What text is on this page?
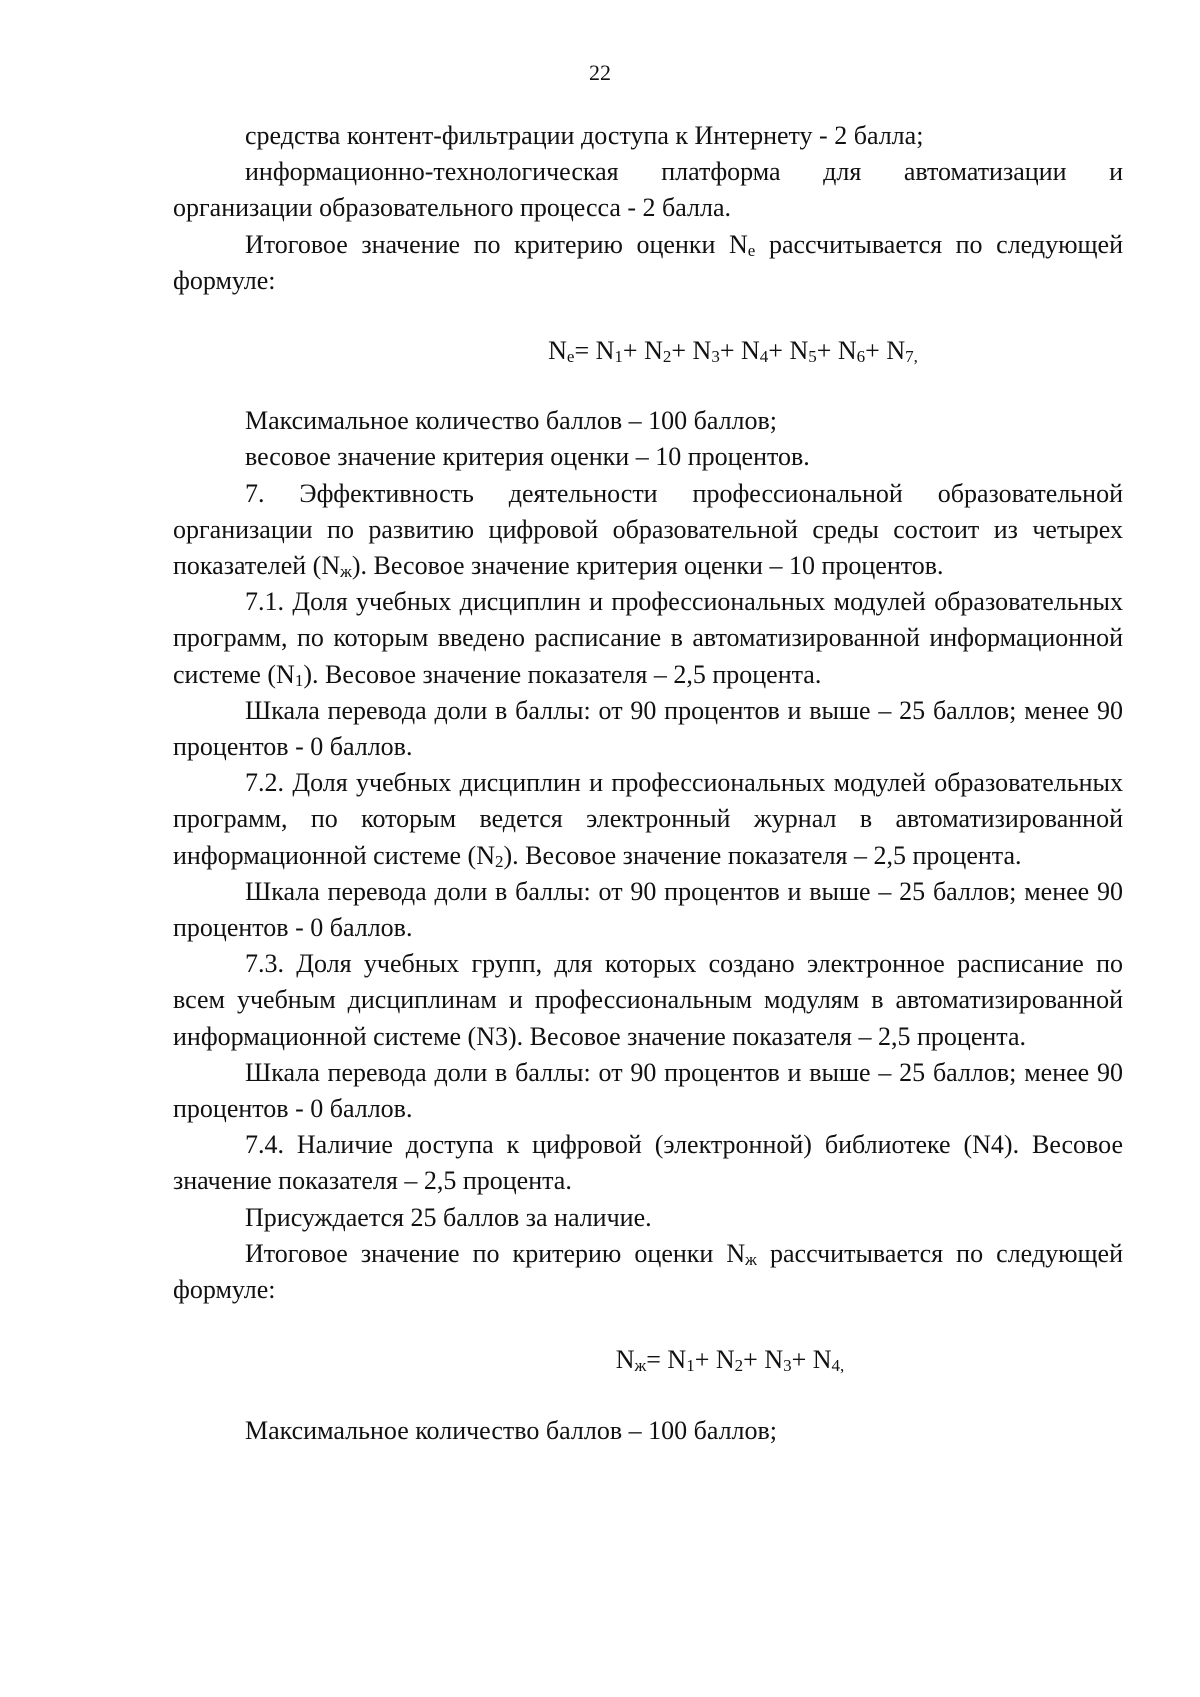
22

средства контент-фильтрации доступа к Интернету - 2 балла;

информационно-технологическая платформа для автоматизации и организации образовательного процесса - 2 балла.

Итоговое значение по критерию оценки $N_е$ рассчитывается по следующей формуле:

$N_е= N_1+ N_2+ N_3+ N_4+ N_5+ N_6+ N_{7,}$

Максимальное количество баллов – 100 баллов;

весовое значение критерия оценки – 10 процентов.

7. Эффективность деятельности профессиональной образовательной организации по развитию цифровой образовательной среды состоит из четырех показателей $(N_ж)$. Весовое значение критерия оценки – 10 процентов.

7.1. Доля учебных дисциплин и профессиональных модулей образовательных программ, по которым введено расписание в автоматизированной информационной системе $(N_1)$. Весовое значение показателя – 2,5 процента.

Шкала перевода доли в баллы: от 90 процентов и выше – 25 баллов; менее 90 процентов - 0 баллов.

7.2. Доля учебных дисциплин и профессиональных модулей образовательных программ, по которым ведется электронный журнал в автоматизированной информационной системе $(N_2)$. Весовое значение показателя – 2,5 процента.

Шкала перевода доли в баллы: от 90 процентов и выше – 25 баллов; менее 90 процентов - 0 баллов.

7.3. Доля учебных групп, для которых создано электронное расписание по всем учебным дисциплинам и профессиональным модулям в автоматизированной информационной системе (N3). Весовое значение показателя – 2,5 процента.

Шкала перевода доли в баллы: от 90 процентов и выше – 25 баллов; менее 90 процентов - 0 баллов.

7.4. Наличие доступа к цифровой (электронной) библиотеке (N4). Весовое значение показателя – 2,5 процента.

Присуждается 25 баллов за наличие.

Итоговое значение по критерию оценки $N_ж$ рассчитывается по следующей формуле:

$N_ж= N_1+ N_2+ N_3+ N_{4,}$

Максимальное количество баллов – 100 баллов;
